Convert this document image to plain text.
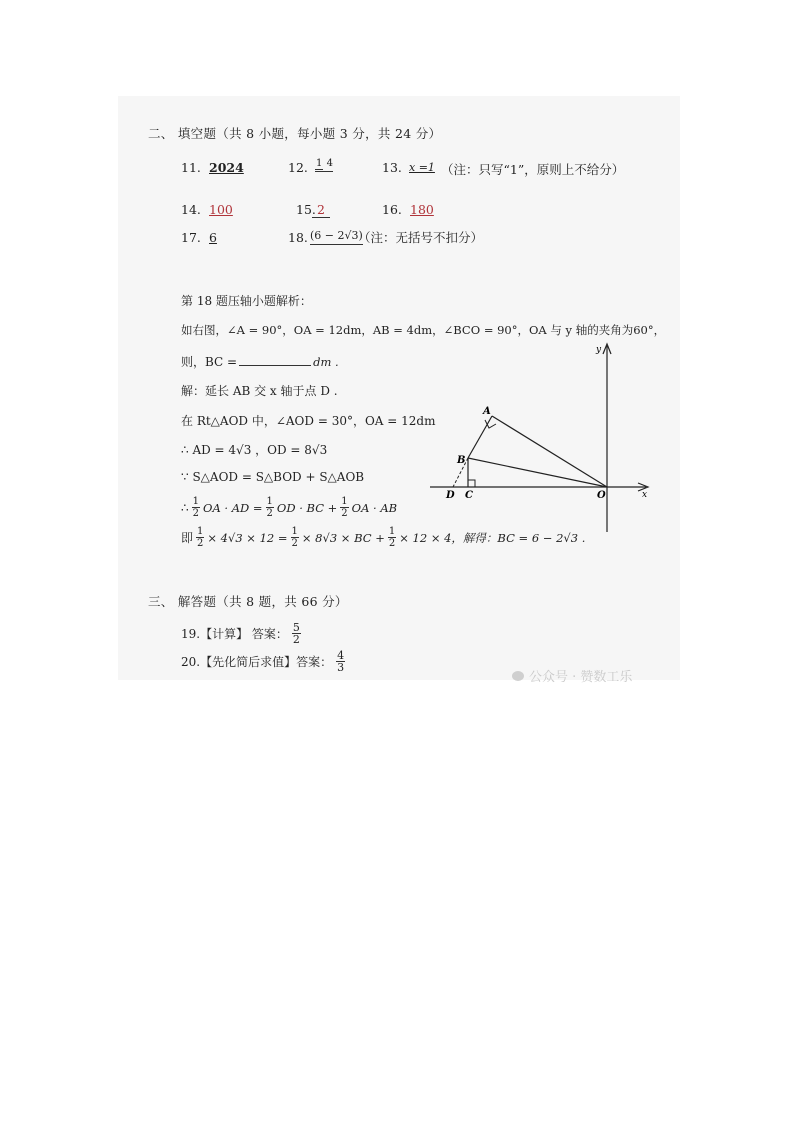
二、 填空题（共 8 小题，每小题 3 分，共 24 分）
11. 2024	12. 1 4	13. x =1 （注：只写“1”，原则上不给分）
14. 100	15. 2	16. 180
17. 6	18. (6 − 2√3)
（注：无括号不扣分）
第 18 题压轴小题解析：
如右图，∠A = 90°，OA = 12dm，AB = 4dm，∠BCO = 90°，OA 与 y 轴的夹角为60°，
则，BC =	dm .
解：延长 AB 交 x 轴于点 D .
在 Rt△AOD 中，∠AOD = 30°，OA = 12dm
∴ AD = 4√3 ，OD = 8√3
∵ S△AOD = S△BOD + S△AOB
∴ $\frac{1}{2}$ OA · AD = $\frac{1}{2}$ OD · BC + $\frac{1}{2}$ OA · AB
即 $\frac{1}{2} \times 4√3 \times 12 = \frac{1}{2} \times 8√3$ × BC + $\frac{1}{2} \times 12 \times 4$，解得：BC = 6 − 2√3 .
A
B
C
D	O	x
y
三、 解答题（共 8 题，共 66 分）
19.【计算】 答案： $\frac{5}{2}$
20.【先化简后求值】答案： $\frac{4}{3}$
公众号 · 赞数工乐
